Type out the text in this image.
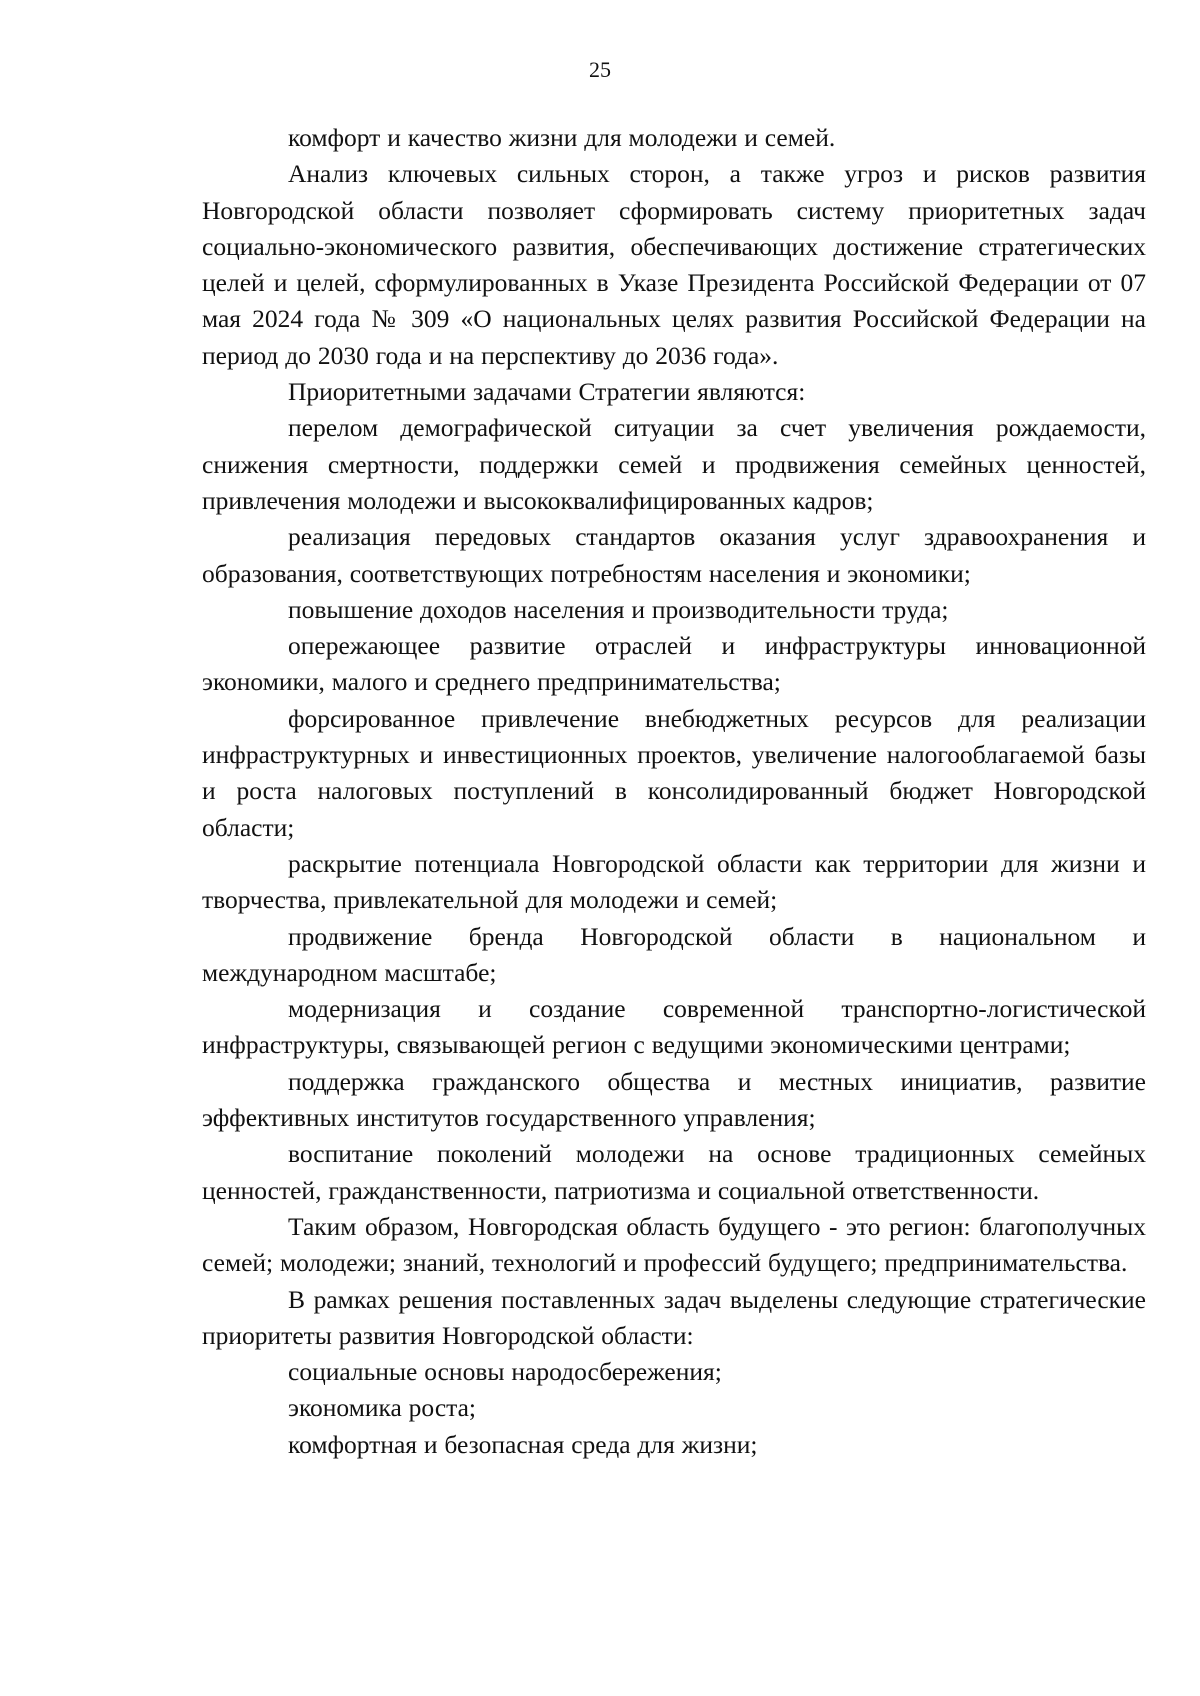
25

комфорт и качество жизни для молодежи и семей.

Анализ ключевых сильных сторон, а также угроз и рисков развития Новгородской области позволяет сформировать систему приоритетных задач социально-экономического развития, обеспечивающих достижение стратегических целей и целей, сформулированных в Указе Президента Российской Федерации от 07 мая 2024 года № 309 «О национальных целях развития Российской Федерации на период до 2030 года и на перспективу до 2036 года».

Приоритетными задачами Стратегии являются:

перелом демографической ситуации за счет увеличения рождаемости, снижения смертности, поддержки семей и продвижения семейных ценностей, привлечения молодежи и высококвалифицированных кадров;

реализация передовых стандартов оказания услуг здравоохранения и образования, соответствующих потребностям населения и экономики;

повышение доходов населения и производительности труда;

опережающее развитие отраслей и инфраструктуры инновационной экономики, малого и среднего предпринимательства;

форсированное привлечение внебюджетных ресурсов для реализации инфраструктурных и инвестиционных проектов, увеличение налогооблагаемой базы и роста налоговых поступлений в консолидированный бюджет Новгородской области;

раскрытие потенциала Новгородской области как территории для жизни и творчества, привлекательной для молодежи и семей;

продвижение бренда Новгородской области в национальном и международном масштабе;

модернизация и создание современной транспортно-логистической инфраструктуры, связывающей регион с ведущими экономическими центрами;

поддержка гражданского общества и местных инициатив, развитие эффективных институтов государственного управления;

воспитание поколений молодежи на основе традиционных семейных ценностей, гражданственности, патриотизма и социальной ответственности.

Таким образом, Новгородская область будущего - это регион: благополучных семей; молодежи; знаний, технологий и профессий будущего; предпринимательства.

В рамках решения поставленных задач выделены следующие стратегические приоритеты развития Новгородской области:

социальные основы народосбережения;

экономика роста;

комфортная и безопасная среда для жизни;
